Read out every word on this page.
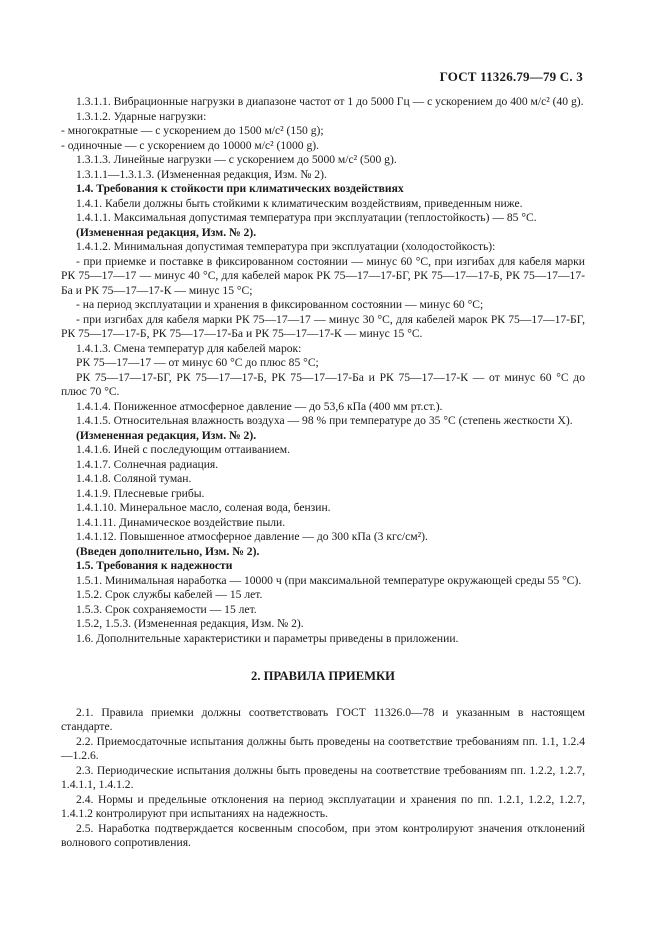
ГОСТ 11326.79—79 С. 3

1.3.1.1. Вибрационные нагрузки в диапазоне частот от 1 до 5000 Гц — с ускорением до 400 м/с² (40 g).

1.3.1.2. Ударные нагрузки:

- многократные — с ускорением до 1500 м/с² (150 g);

- одиночные — с ускорением до 10000 м/с² (1000 g).

1.3.1.3. Линейные нагрузки — с ускорением до 5000 м/с² (500 g).

1.3.1.1—1.3.1.3. (Измененная редакция, Изм. № 2).

1.4. Требования к стойкости при климатических воздействиях

1.4.1. Кабели должны быть стойкими к климатическим воздействиям, приведенным ниже.

1.4.1.1. Максимальная допустимая температура при эксплуатации (теплостойкость) — 85 °С.

(Измененная редакция, Изм. № 2).

1.4.1.2. Минимальная допустимая температура при эксплуатации (холодостойкость):

- при приемке и поставке в фиксированном состоянии — минус 60 °С, при изгибах для кабеля марки РК 75—17—17 — минус 40 °С, для кабелей марок РК 75—17—17-БГ, РК 75—17—17-Б, РК 75—17—17-Ба и РК 75—17—17-К — минус 15 °С;

- на период эксплуатации и хранения в фиксированном состоянии — минус 60 °С;

- при изгибах для кабеля марки РК 75—17—17 — минус 30 °С, для кабелей марок РК 75—17—17-БГ, РК 75—17—17-Б, РК 75—17—17-Ба и РК 75—17—17-К — минус 15 °С.

1.4.1.3. Смена температур для кабелей марок:

РК 75—17—17 — от минус 60 °С до плюс 85 °С;

РК 75—17—17-БГ, РК 75—17—17-Б, РК 75—17—17-Ба и РК 75—17—17-К — от минус 60 °С до плюс 70 °С.

1.4.1.4. Пониженное атмосферное давление — до 53,6 кПа (400 мм рт.ст.).

1.4.1.5. Относительная влажность воздуха — 98 % при температуре до 35 °С (степень жесткости Х).

(Измененная редакция, Изм. № 2).

1.4.1.6. Иней с последующим оттаиванием.

1.4.1.7. Солнечная радиация.

1.4.1.8. Соляной туман.

1.4.1.9. Плесневые грибы.

1.4.1.10. Минеральное масло, соленая вода, бензин.

1.4.1.11. Динамическое воздействие пыли.

1.4.1.12. Повышенное атмосферное давление — до 300 кПа (3 кгс/см²).

(Введен дополнительно, Изм. № 2).

1.5. Требования к надежности

1.5.1. Минимальная наработка — 10000 ч (при максимальной температуре окружающей среды 55 °С).

1.5.2. Срок службы кабелей — 15 лет.

1.5.3. Срок сохраняемости — 15 лет.

1.5.2, 1.5.3. (Измененная редакция, Изм. № 2).

1.6. Дополнительные характеристики и параметры приведены в приложении.

2. ПРАВИЛА ПРИЕМКИ

2.1. Правила приемки должны соответствовать ГОСТ 11326.0—78 и указанным в настоящем стандарте.

2.2. Приемосдаточные испытания должны быть проведены на соответствие требованиям пп. 1.1, 1.2.4—1.2.6.

2.3. Периодические испытания должны быть проведены на соответствие требованиям пп. 1.2.2, 1.2.7, 1.4.1.1, 1.4.1.2.

2.4. Нормы и предельные отклонения на период эксплуатации и хранения по пп. 1.2.1, 1.2.2, 1.2.7, 1.4.1.2 контролируют при испытаниях на надежность.

2.5. Наработка подтверждается косвенным способом, при этом контролируют значения отклонений волнового сопротивления.
